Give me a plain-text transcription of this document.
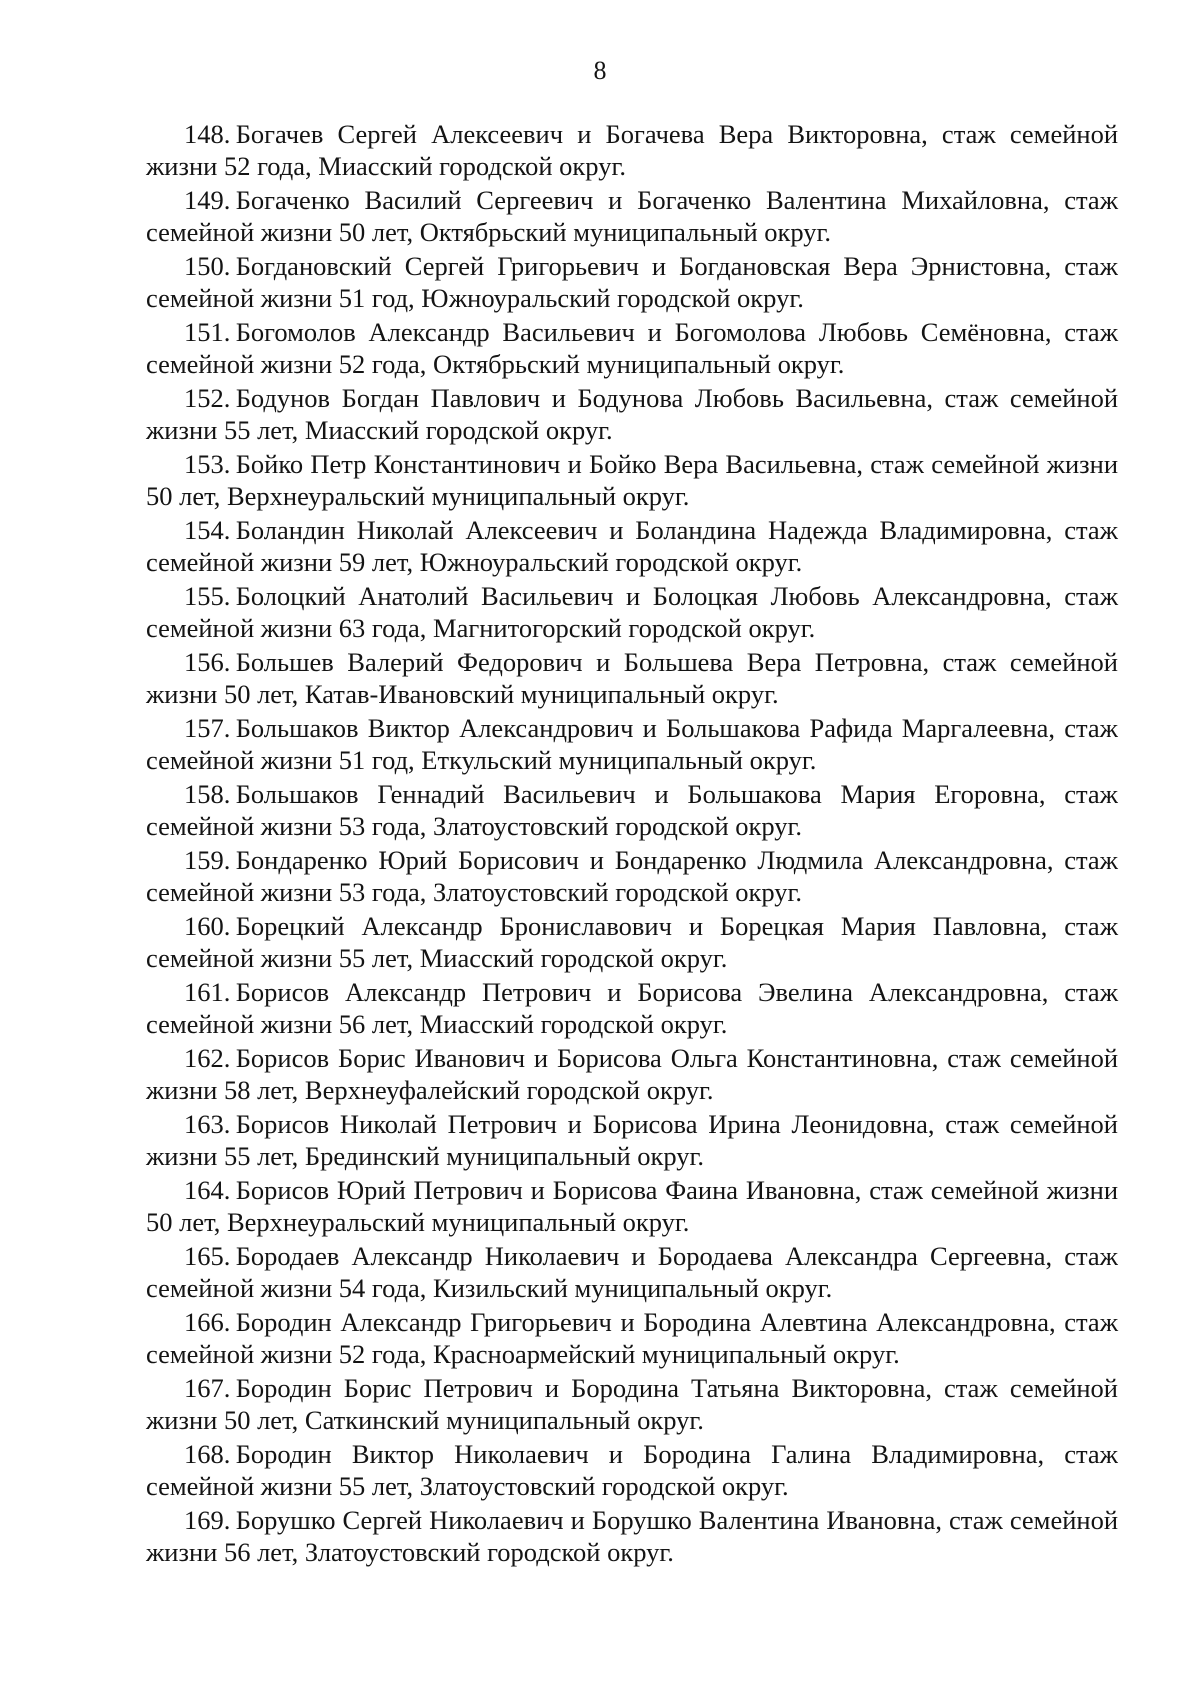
8
148.  Богачев Сергей Алексеевич и Богачева Вера Викторовна, стаж семейной жизни 52 года, Миасский городской округ.
149.  Богаченко Василий Сергеевич и Богаченко Валентина Михайловна, стаж семейной жизни 50 лет, Октябрьский муниципальный округ.
150.  Богдановский Сергей Григорьевич и Богдановская Вера Эрнистовна, стаж семейной жизни 51 год, Южноуральский городской округ.
151.  Богомолов Александр Васильевич и Богомолова Любовь Семёновна, стаж семейной жизни 52 года, Октябрьский муниципальный округ.
152.  Бодунов Богдан Павлович и Бодунова Любовь Васильевна, стаж семейной жизни 55 лет, Миасский городской округ.
153.  Бойко Петр Константинович и Бойко Вера Васильевна, стаж семейной жизни 50 лет, Верхнеуральский муниципальный округ.
154.  Боландин Николай Алексеевич и Боландина Надежда Владимировна, стаж семейной жизни 59 лет, Южноуральский городской округ.
155.  Болоцкий Анатолий Васильевич и Болоцкая Любовь Александровна, стаж семейной жизни 63 года, Магнитогорский городской округ.
156.  Большев Валерий Федорович и Большева Вера Петровна, стаж семейной жизни 50 лет, Катав-Ивановский муниципальный округ.
157.  Большаков Виктор Александрович и Большакова Рафида Маргалеевна, стаж семейной жизни 51 год, Еткульский муниципальный округ.
158.  Большаков Геннадий Васильевич и Большакова Мария Егоровна, стаж семейной жизни 53 года, Златоустовский городской округ.
159.  Бондаренко Юрий Борисович и Бондаренко Людмила Александровна, стаж семейной жизни 53 года, Златоустовский городской округ.
160.  Борецкий Александр Брониславович и Борецкая Мария Павловна, стаж семейной жизни 55 лет, Миасский городской округ.
161.  Борисов Александр Петрович и Борисова Эвелина Александровна, стаж семейной жизни 56 лет, Миасский городской округ.
162.  Борисов Борис Иванович и Борисова Ольга Константиновна, стаж семейной жизни 58 лет, Верхнеуфалейский городской округ.
163.  Борисов Николай Петрович и Борисова Ирина Леонидовна, стаж семейной жизни 55 лет, Брединский муниципальный округ.
164.  Борисов Юрий Петрович и Борисова Фаина Ивановна, стаж семейной жизни 50 лет, Верхнеуральский муниципальный округ.
165.  Бородаев Александр Николаевич и Бородаева Александра Сергеевна, стаж семейной жизни 54 года, Кизильский муниципальный округ.
166.  Бородин Александр Григорьевич и Бородина Алевтина Александровна, стаж семейной жизни 52 года, Красноармейский муниципальный округ.
167.  Бородин Борис Петрович и Бородина Татьяна Викторовна, стаж семейной жизни 50 лет, Саткинский муниципальный округ.
168.  Бородин Виктор Николаевич и Бородина Галина Владимировна, стаж семейной жизни 55 лет, Златоустовский городской округ.
169.  Борушко Сергей Николаевич и Борушко Валентина Ивановна, стаж семейной жизни 56 лет, Златоустовский городской округ.
